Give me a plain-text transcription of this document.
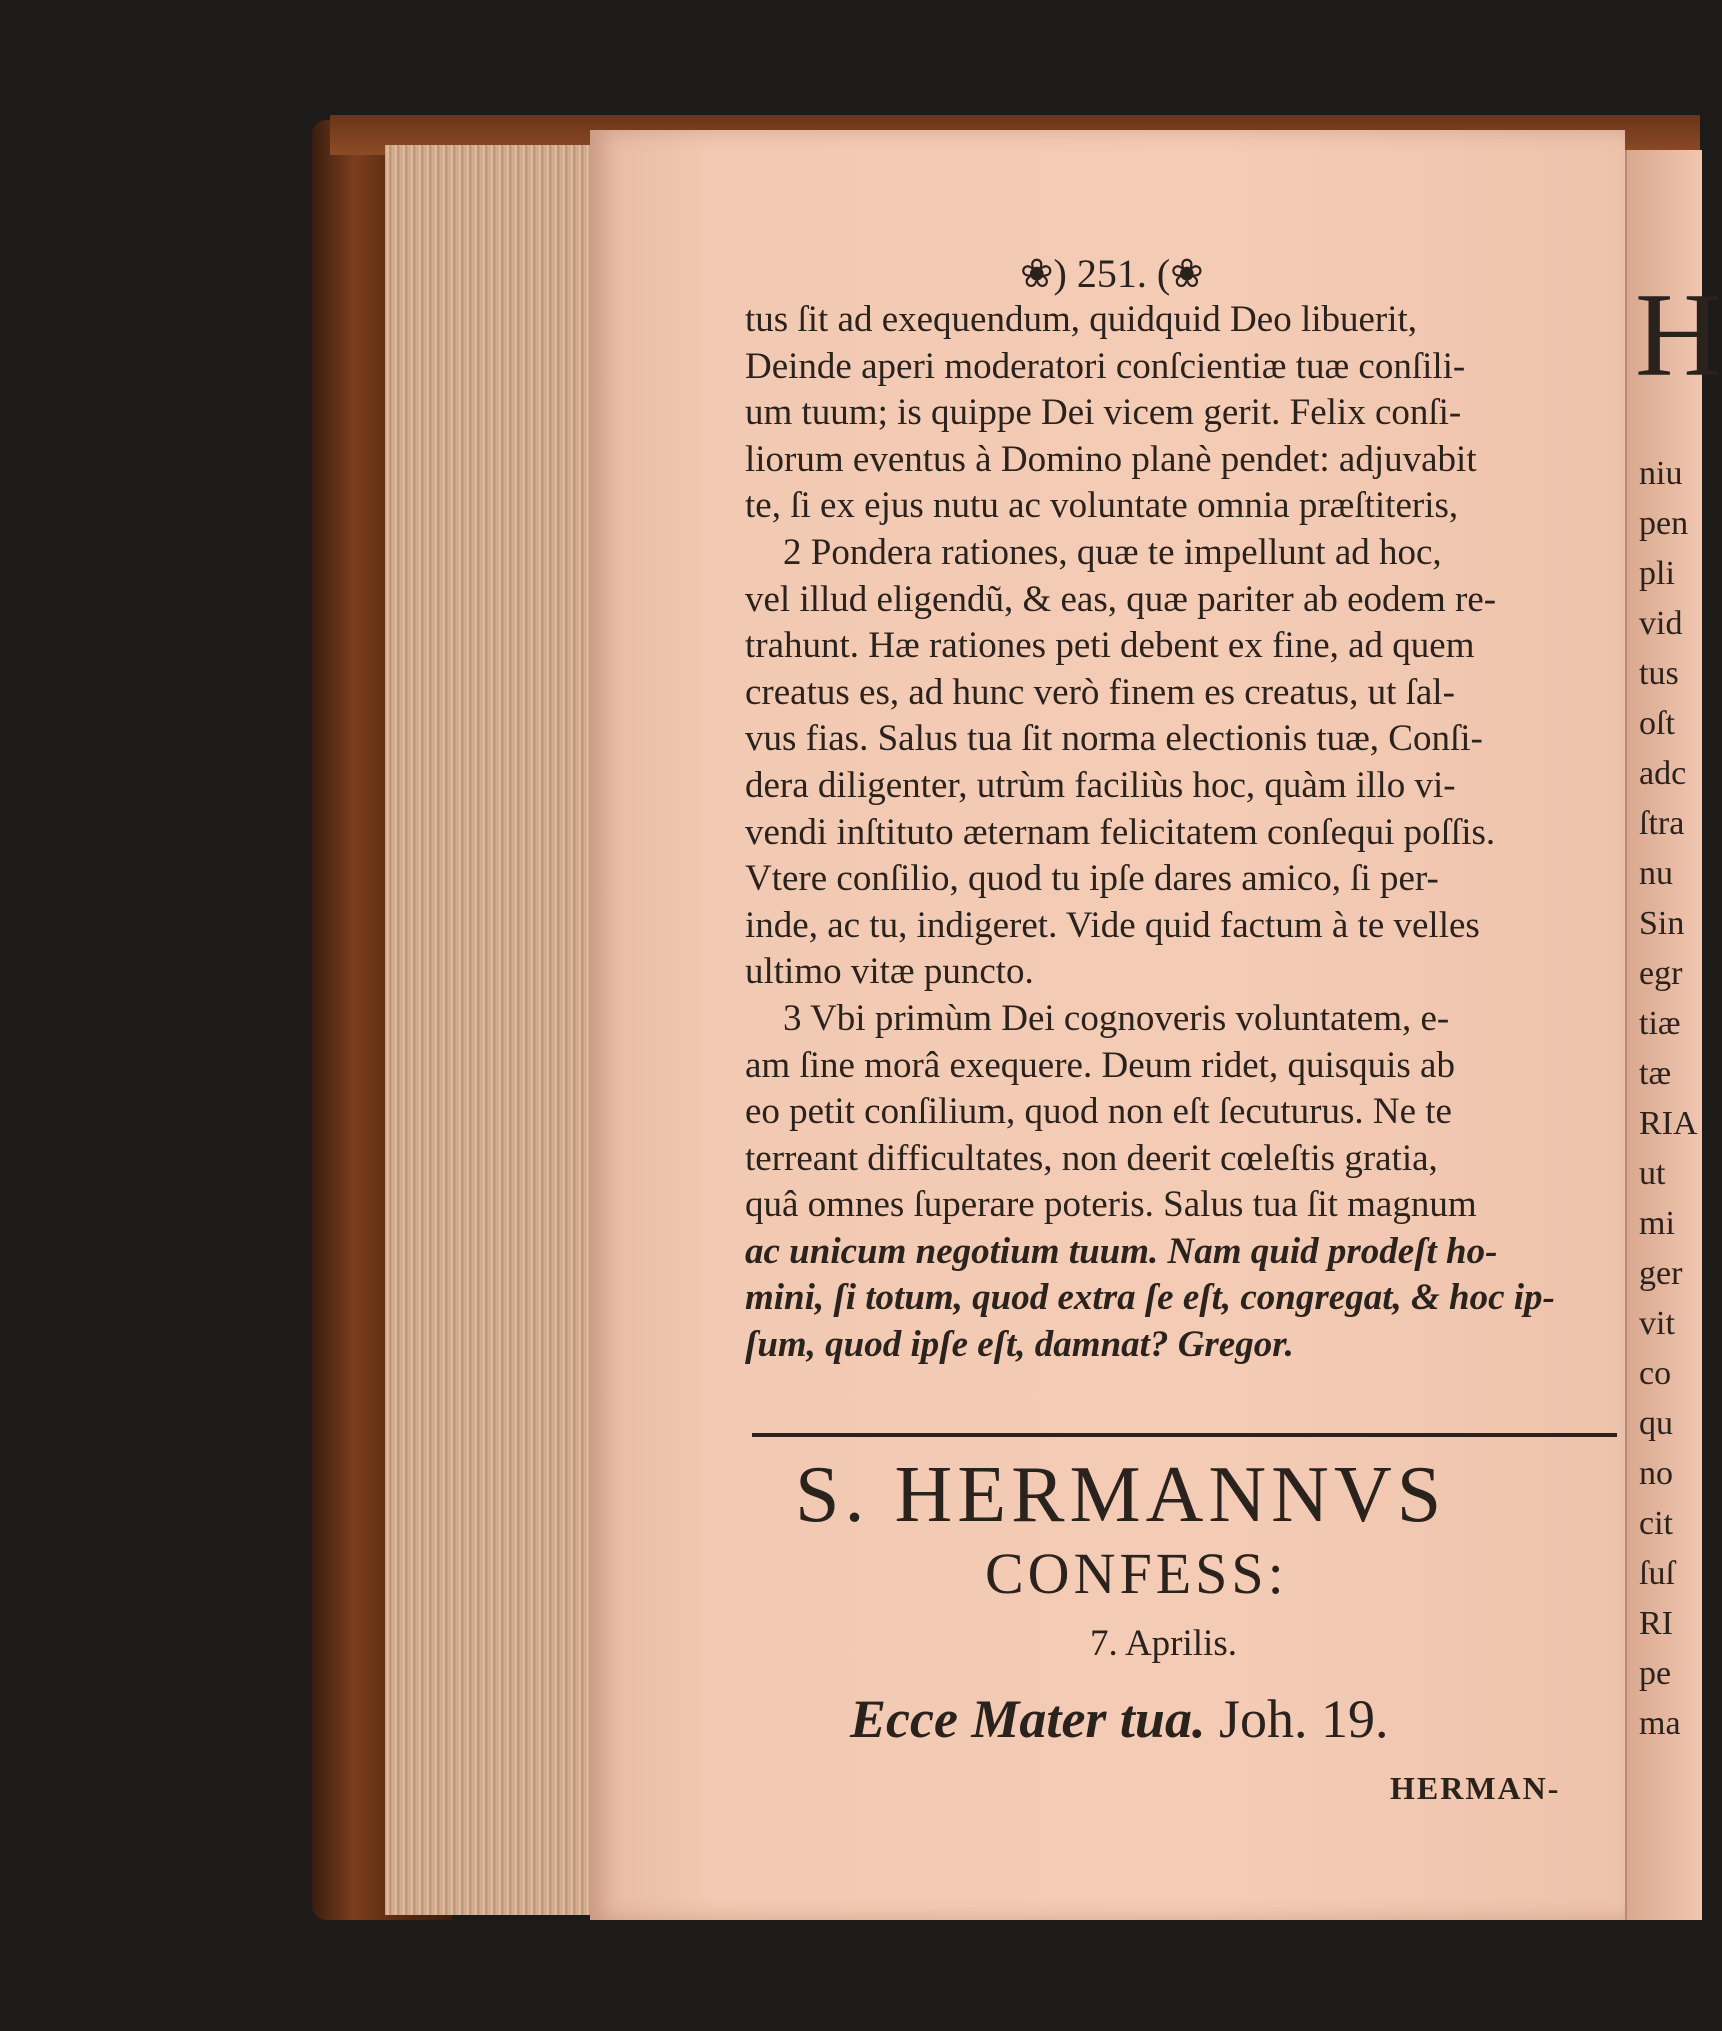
H
niu
pen
pli
vid
tus
oſt
adc
ſtra
nu
Sin
egr
tiæ
tæ
RIA
ut
mi
ger
vit
co
qu
no
cit
ſuſ
RI
pe
ma
❀) 251. (❀
tus ſit ad exequendum, quidquid Deo libuerit,
Deinde aperi moderatori conſcientiæ tuæ conſili-
um tuum; is quippe Dei vicem gerit. Felix conſi-
liorum eventus à Domino planè pendet: adjuvabit
te, ſi ex ejus nutu ac voluntate omnia præſtiteris,
2 Pondera rationes, quæ te impellunt ad hoc,
vel illud eligendũ, & eas, quæ pariter ab eodem re-
trahunt. Hæ rationes peti debent ex fine, ad quem
creatus es, ad hunc verò finem es creatus, ut ſal-
vus fias. Salus tua ſit norma electionis tuæ, Conſi-
dera diligenter, utrùm faciliùs hoc, quàm illo vi-
vendi inſtituto æternam felicitatem conſequi poſſis.
Vtere conſilio, quod tu ipſe dares amico, ſi per-
inde, ac tu, indigeret. Vide quid factum à te velles
ultimo vitæ puncto.
3 Vbi primùm Dei cognoveris voluntatem, e-
am ſine morâ exequere. Deum ridet, quisquis ab
eo petit conſilium, quod non eſt ſecuturus. Ne te
terreant difficultates, non deerit cœleſtis gratia,
quâ omnes ſuperare poteris. Salus tua ſit magnum
ac unicum negotium tuum. Nam quid prodeſt ho-
mini, ſi totum, quod extra ſe eſt, congregat, & hoc ip-
ſum, quod ipſe eſt, damnat? Gregor.
S. HERMANNVS
CONFESS:
7. Aprilis.
Ecce Mater tua. Joh. 19.
HERMAN-
